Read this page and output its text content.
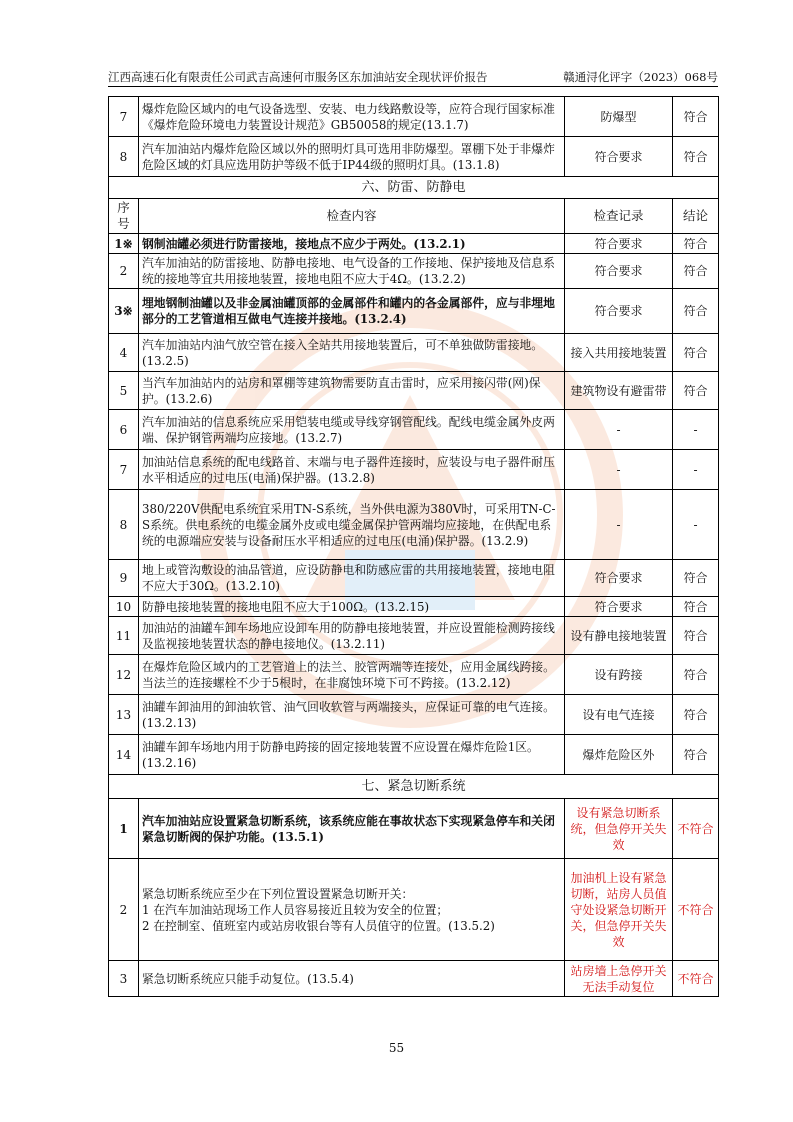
江西高速石化有限责任公司武吉高速何市服务区东加油站安全现状评价报告	赣通浔化评字（2023）068号
7	爆炸危险区域内的电气设备选型、安装、电力线路敷设等，应符合现行国家标准《爆炸危险环境电力装置设计规范》GB50058的规定(13.1.7)	防爆型	符合
8	汽车加油站内爆炸危险区域以外的照明灯具可选用非防爆型。罩棚下处于非爆炸危险区域的灯具应选用防护等级不低于IP44级的照明灯具。(13.1.8)	符合要求	符合
六、防雷、防静电			
序号	检查内容	检查记录	结论
1※	钢制油罐必须进行防雷接地，接地点不应少于两处。(13.2.1)	符合要求	符合
2	汽车加油站的防雷接地、防静电接地、电气设备的工作接地、保护接地及信息系统的接地等宜共用接地装置，接地电阻不应大于4Ω。(13.2.2)	符合要求	符合
3※	埋地钢制油罐以及非金属油罐顶部的金属部件和罐内的各金属部件，应与非埋地部分的工艺管道相互做电气连接并接地。(13.2.4)	符合要求	符合
4	汽车加油站内油气放空管在接入全站共用接地装置后，可不单独做防雷接地。(13.2.5)	接入共用接地装置	符合
5	当汽车加油站内的站房和罩棚等建筑物需要防直击雷时，应采用接闪带(网)保护。(13.2.6)	建筑物设有避雷带	符合
6	汽车加油站的信息系统应采用铠装电缆或导线穿钢管配线。配线电缆金属外皮两端、保护钢管两端均应接地。(13.2.7)	-	-
7	加油站信息系统的配电线路首、末端与电子器件连接时，应装设与电子器件耐压水平相适应的过电压(电涌)保护器。(13.2.8)	-	-
8	380/220V供配电系统宜采用TN-S系统，当外供电源为380V时，可采用TN-C-S系统。供电系统的电缆金属外皮或电缆金属保护管两端均应接地，在供配电系统的电源端应安装与设备耐压水平相适应的过电压(电涌)保护器。(13.2.9)	-	-
9	地上或管沟敷设的油品管道，应设防静电和防感应雷的共用接地装置，接地电阻不应大于30Ω。(13.2.10)	符合要求	符合
10	防静电接地装置的接地电阻不应大于100Ω。(13.2.15)	符合要求	符合
11	加油站的油罐车卸车场地应设卸车用的防静电接地装置，并应设置能检测跨接线及监视接地装置状态的静电接地仪。(13.2.11)	设有静电接地装置	符合
12	在爆炸危险区域内的工艺管道上的法兰、胶管两端等连接处，应用金属线跨接。当法兰的连接螺栓不少于5根时，在非腐蚀环境下可不跨接。(13.2.12)	设有跨接	符合
13	油罐车卸油用的卸油软管、油气回收软管与两端接头，应保证可靠的电气连接。(13.2.13)	设有电气连接	符合
14	油罐车卸车场地内用于防静电跨接的固定接地装置不应设置在爆炸危险1区。(13.2.16)	爆炸危险区外	符合
七、紧急切断系统			
1	汽车加油站应设置紧急切断系统，该系统应能在事故状态下实现紧急停车和关闭紧急切断阀的保护功能。(13.5.1)	设有紧急切断系统，但急停开关失效	不符合
2	紧急切断系统应至少在下列位置设置紧急切断开关：
1 在汽车加油站现场工作人员容易接近且较为安全的位置；
2 在控制室、值班室内或站房收银台等有人员值守的位置。(13.5.2)	加油机上设有紧急切断，站房人员值守处设紧急切断开关，但急停开关失效	不符合
3	紧急切断系统应只能手动复位。(13.5.4)	站房墙上急停开关无法手动复位	不符合
55
